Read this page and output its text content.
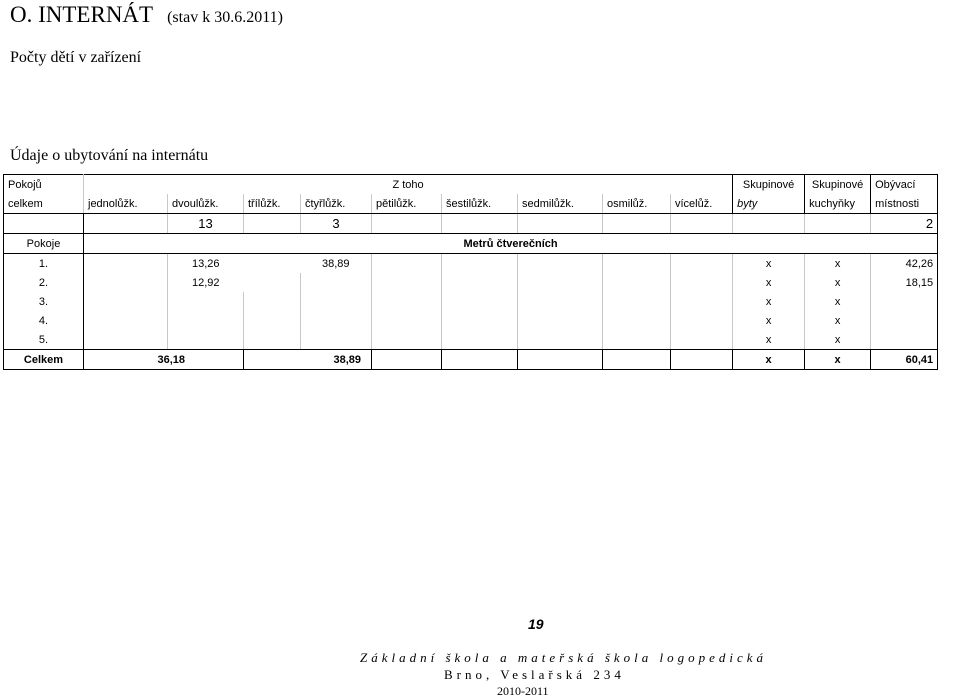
O. INTERNÁT (stav k 30.6.2011)
Počty dětí v zařízení
Údaje o ubytování na internátu
Pokojů	Z toho									Skupinové	Skupinové	Obývací
celkem	jednolůžk.	dvoulůžk.	třílůžk.	čtyřlůžk.	pětilůžk.	šestilůžk.	sedmilůžk.	osmilůž.	vícelůž.	byty	kuchyňky	místnosti
		13		3								2
Pokoje	Metrů čtverečních											
1.		13,26		38,89						x	x	42,26
2.		12,92								x	x	18,15
3.										x	x	
4.										x	x	
5.										x	x	
Celkem	36,18		38,89							x	x	60,41
19
Základní škola a mateřská škola logopedická
Brno, Veslařská 234
2010-2011
